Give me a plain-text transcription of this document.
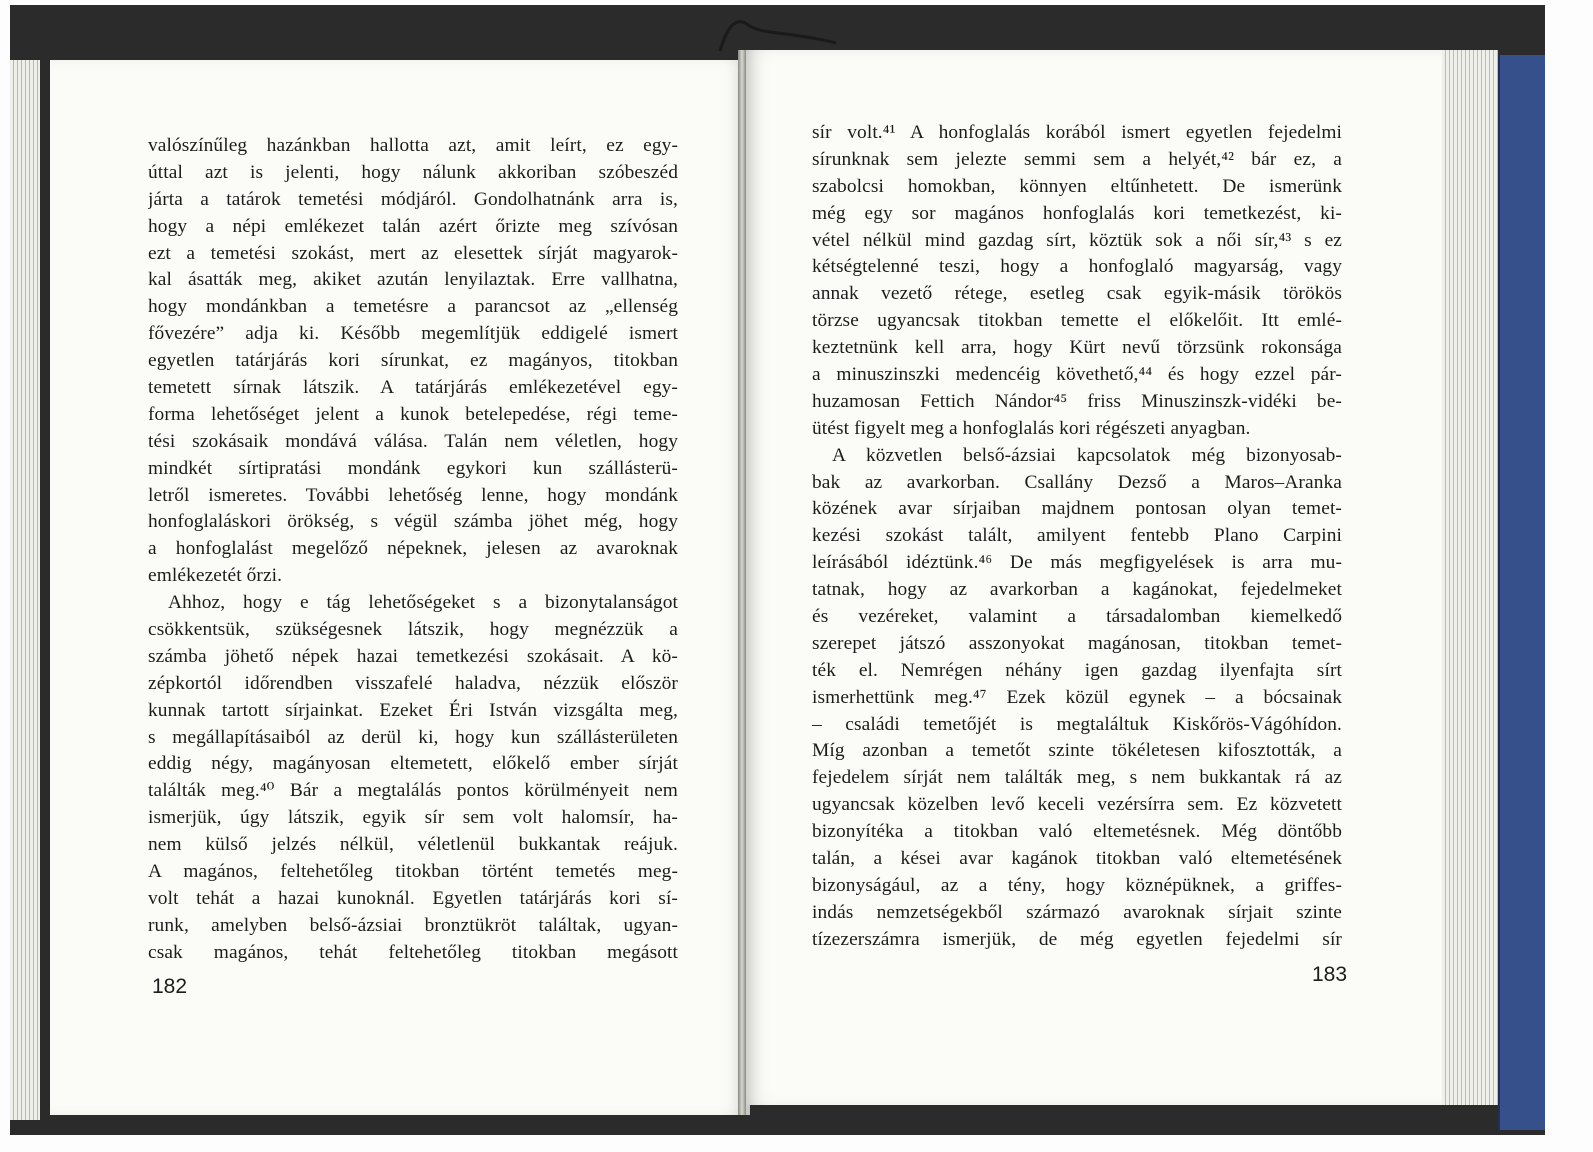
valószínűleg hazánkban hallotta azt, amit leírt, ez egy-
úttal azt is jelenti, hogy nálunk akkoriban szóbeszéd
járta a tatárok temetési módjáról. Gondolhatnánk arra is,
hogy a népi emlékezet talán azért őrizte meg szívósan
ezt a temetési szokást, mert az elesettek sírját magyarok-
kal ásatták meg, akiket azután lenyilaztak. Erre vallhatna,
hogy mondánkban a temetésre a parancsot az „ellenség
fővezére” adja ki. Később megemlítjük eddigelé ismert
egyetlen tatárjárás kori sírunkat, ez magányos, titokban
temetett sírnak látszik. A tatárjárás emlékezetével egy-
forma lehetőséget jelent a kunok betelepedése, régi teme-
tési szokásaik mondává válása. Talán nem véletlen, hogy
mindkét sírtipratási mondánk egykori kun szállásterü-
letről ismeretes. További lehetőség lenne, hogy mondánk
honfoglaláskori örökség, s végül számba jöhet még, hogy
a honfoglalást megelőző népeknek, jelesen az avaroknak
emlékezetét őrzi.
Ahhoz, hogy e tág lehetőségeket s a bizonytalanságot
csökkentsük, szükségesnek látszik, hogy megnézzük a
számba jöhető népek hazai temetkezési szokásait. A kö-
zépkortól időrendben visszafelé haladva, nézzük először
kunnak tartott sírjainkat. Ezeket Éri István vizsgálta meg,
s megállapításaiból az derül ki, hogy kun szállásterületen
eddig négy, magányosan eltemetett, előkelő ember sírját
találták meg.⁴⁰ Bár a megtalálás pontos körülményeit nem
ismerjük, úgy látszik, egyik sír sem volt halomsír, ha-
nem külső jelzés nélkül, véletlenül bukkantak reájuk.
A magános, feltehetőleg titokban történt temetés meg-
volt tehát a hazai kunoknál. Egyetlen tatárjárás kori sí-
runk, amelyben belső-ázsiai bronztükröt találtak, ugyan-
csak magános, tehát feltehetőleg titokban megásott
182
sír volt.⁴¹ A honfoglalás korából ismert egyetlen fejedelmi
sírunknak sem jelezte semmi sem a helyét,⁴² bár ez, a
szabolcsi homokban, könnyen eltűnhetett. De ismerünk
még egy sor magános honfoglalás kori temetkezést, ki-
vétel nélkül mind gazdag sírt, köztük sok a női sír,⁴³ s ez
kétségtelenné teszi, hogy a honfoglaló magyarság, vagy
annak vezető rétege, esetleg csak egyik-másik törökös
törzse ugyancsak titokban temette el előkelőit. Itt emlé-
keztetnünk kell arra, hogy Kürt nevű törzsünk rokonsága
a minuszinszki medencéig követhető,⁴⁴ és hogy ezzel pár-
huzamosan Fettich Nándor⁴⁵ friss Minuszinszk-vidéki be-
ütést figyelt meg a honfoglalás kori régészeti anyagban.
A közvetlen belső-ázsiai kapcsolatok még bizonyosab-
bak az avarkorban. Csallány Dezső a Maros–Aranka
közének avar sírjaiban majdnem pontosan olyan temet-
kezési szokást talált, amilyent fentebb Plano Carpini
leírásából idéztünk.⁴⁶ De más megfigyelések is arra mu-
tatnak, hogy az avarkorban a kagánokat, fejedelmeket
és vezéreket, valamint a társadalomban kiemelkedő
szerepet játszó asszonyokat magánosan, titokban temet-
ték el. Nemrégen néhány igen gazdag ilyenfajta sírt
ismerhettünk meg.⁴⁷ Ezek közül egynek – a bócsainak
– családi temetőjét is megtaláltuk Kiskőrös-Vágóhídon.
Míg azonban a temetőt szinte tökéletesen kifosztották, a
fejedelem sírját nem találták meg, s nem bukkantak rá az
ugyancsak közelben levő keceli vezérsírra sem. Ez közvetett
bizonyítéka a titokban való eltemetésnek. Még döntőbb
talán, a kései avar kagánok titokban való eltemetésének
bizonyságául, az a tény, hogy köznépüknek, a griffes-
indás nemzetségekből származó avaroknak sírjait szinte
tízezerszámra ismerjük, de még egyetlen fejedelmi sír
183
